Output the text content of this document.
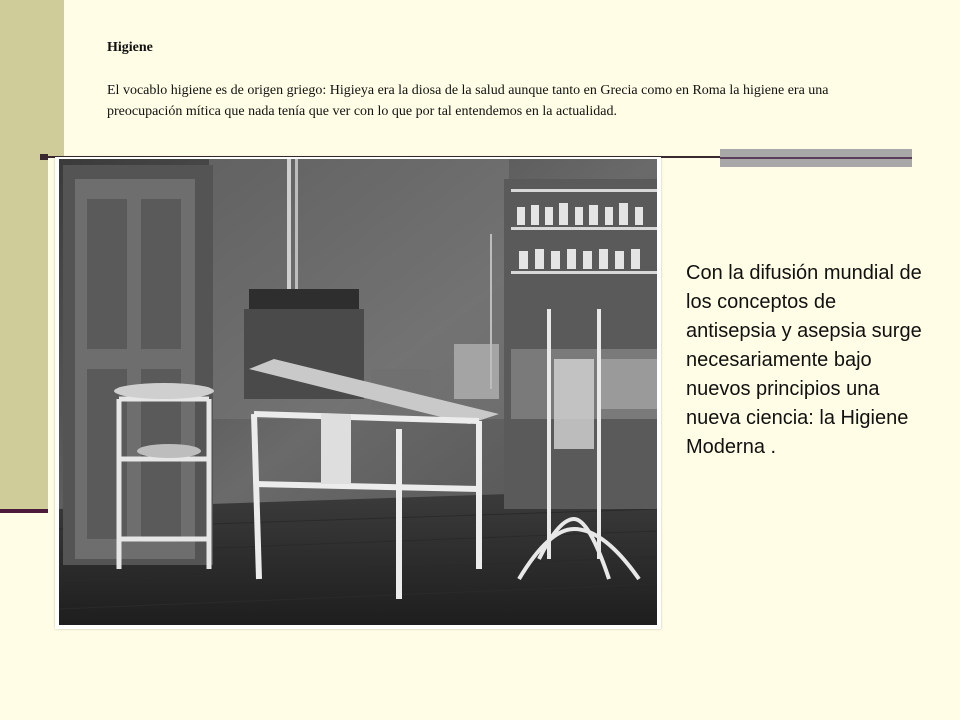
Higiene
El vocablo higiene es de origen griego: Higieya era la diosa de la salud aunque tanto en Grecia como en Roma la higiene era una preocupación mítica que nada tenía que ver con lo que por tal entendemos en la actualidad.
Con la difusión mundial de los conceptos de antisepsia y asepsia surge necesariamente bajo nuevos principios una nueva ciencia: la Higiene Moderna .
